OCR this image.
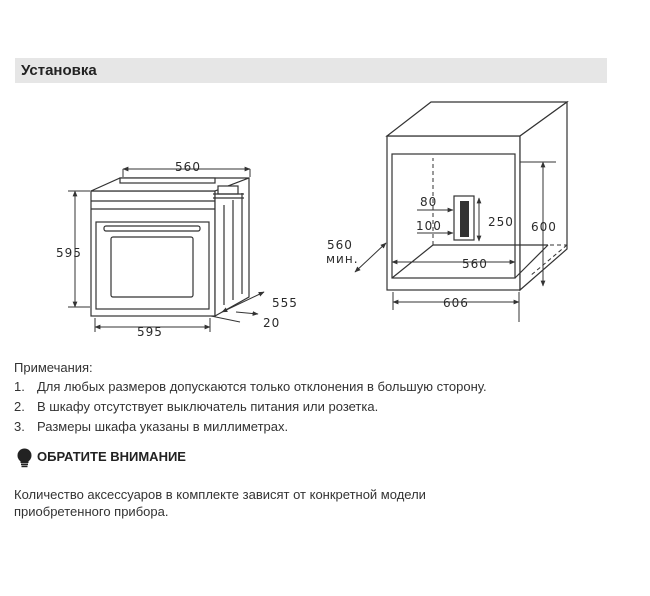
Установка
560
595
595
555
20
80
100	250 600
560
мин.	560
606
Примечания:
1. Для любых размеров допускаются только отклонения в большую сторону.
2. В шкафу отсутствует выключатель питания или розетка.
3. Размеры шкафа указаны в миллиметрах.
ОБРАТИТЕ ВНИМАНИЕ
Количество аксессуаров в комплекте зависят от конкретной модели приобретенного прибора.
